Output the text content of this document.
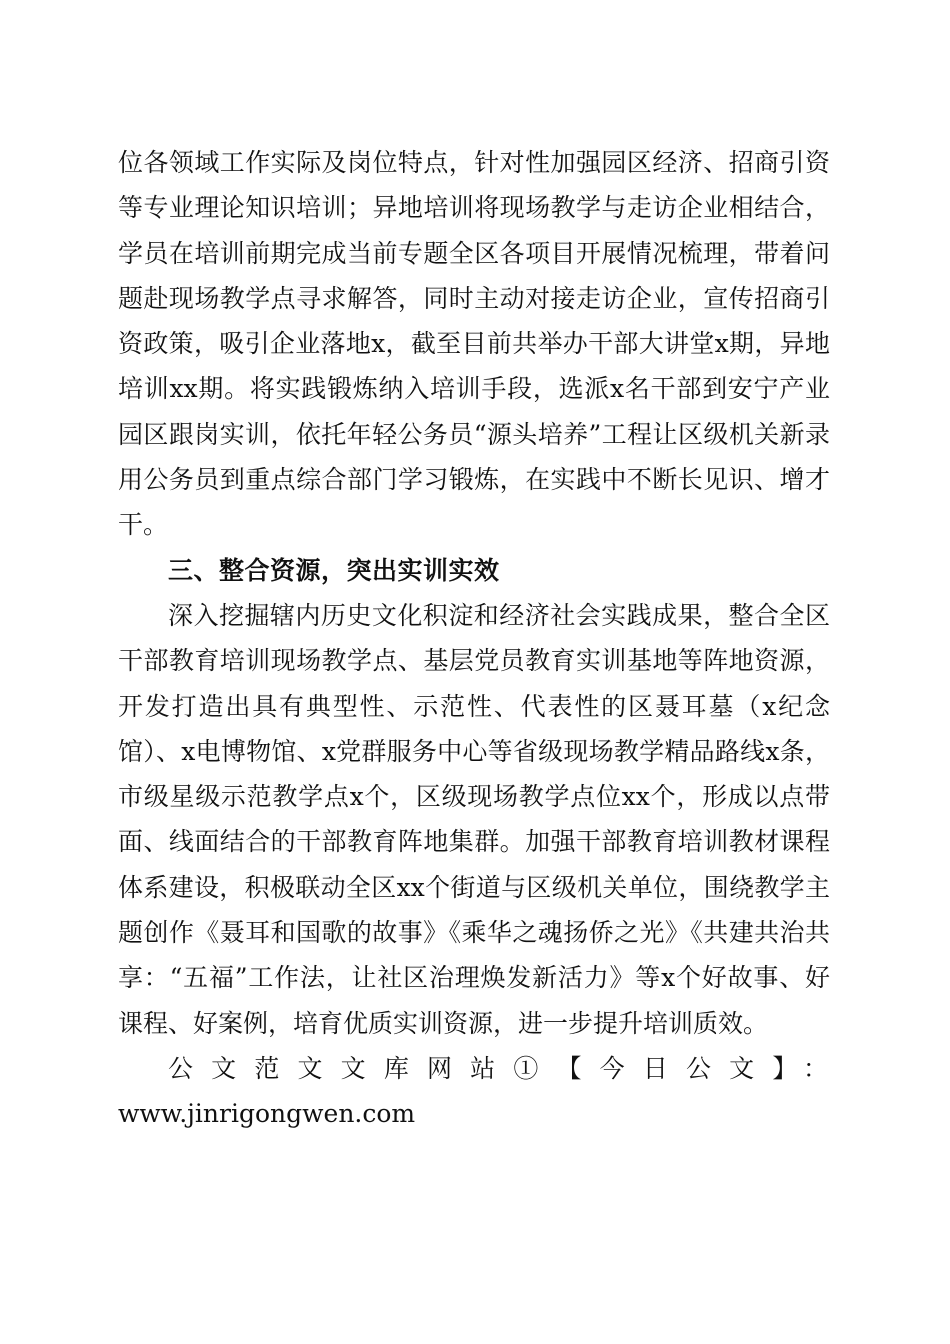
位各领域工作实际及岗位特点，针对性加强园区经济、招商引资等专业理论知识培训；异地培训将现场教学与走访企业相结合，学员在培训前期完成当前专题全区各项目开展情况梳理，带着问题赴现场教学点寻求解答，同时主动对接走访企业，宣传招商引资政策，吸引企业落地x，截至目前共举办干部大讲堂x期，异地培训xx期。将实践锻炼纳入培训手段，选派x名干部到安宁产业园区跟岗实训，依托年轻公务员“源头培养”工程让区级机关新录用公务员到重点综合部门学习锻炼，在实践中不断长见识、增才干。

三、整合资源，突出实训实效

深入挖掘辖内历史文化积淀和经济社会实践成果，整合全区干部教育培训现场教学点、基层党员教育实训基地等阵地资源，开发打造出具有典型性、示范性、代表性的区聂耳墓（x纪念馆）、x电博物馆、x党群服务中心等省级现场教学精品路线x条，市级星级示范教学点x个，区级现场教学点位xx个，形成以点带面、线面结合的干部教育阵地集群。加强干部教育培训教材课程体系建设，积极联动全区xx个街道与区级机关单位，围绕教学主题创作《聂耳和国歌的故事》《乘华之魂扬侨之光》《共建共治共享：“五福”工作法，让社区治理焕发新活力》等x个好故事、好课程、好案例，培育优质实训资源，进一步提升培训质效。

公文范文文库网站①【今日公文】：

www.jinrigongwen.com
